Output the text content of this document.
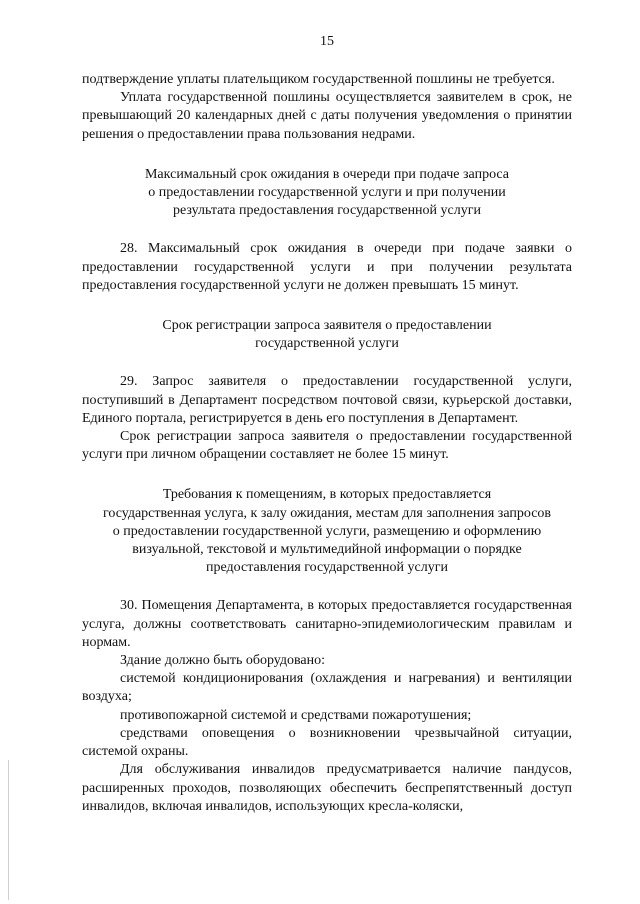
15

подтверждение уплаты плательщиком государственной пошлины не требуется.

Уплата государственной пошлины осуществляется заявителем в срок, не превышающий 20 календарных дней с даты получения уведомления о принятии решения о предоставлении права пользования недрами.

Максимальный срок ожидания в очереди при подаче запроса
о предоставлении государственной услуги и при получении
результата предоставления государственной услуги

28. Максимальный срок ожидания в очереди при подаче заявки о предоставлении государственной услуги и при получении результата предоставления государственной услуги не должен превышать 15 минут.

Срок регистрации запроса заявителя о предоставлении
государственной услуги

29. Запрос заявителя о предоставлении государственной услуги, поступивший в Департамент посредством почтовой связи, курьерской доставки, Единого портала, регистрируется в день его поступления в Департамент.

Срок регистрации запроса заявителя о предоставлении государственной услуги при личном обращении составляет не более 15 минут.

Требования к помещениям, в которых предоставляется
государственная услуга, к залу ожидания, местам для заполнения запросов
о предоставлении государственной услуги, размещению и оформлению
визуальной, текстовой и мультимедийной информации о порядке
предоставления государственной услуги

30. Помещения Департамента, в которых предоставляется государственная услуга, должны соответствовать санитарно-эпидемиологическим правилам и нормам.

Здание должно быть оборудовано:

системой кондиционирования (охлаждения и нагревания) и вентиляции воздуха;

противопожарной системой и средствами пожаротушения;

средствами оповещения о возникновении чрезвычайной ситуации, системой охраны.

Для обслуживания инвалидов предусматривается наличие пандусов, расширенных проходов, позволяющих обеспечить беспрепятственный доступ инвалидов, включая инвалидов, использующих кресла-коляски,
